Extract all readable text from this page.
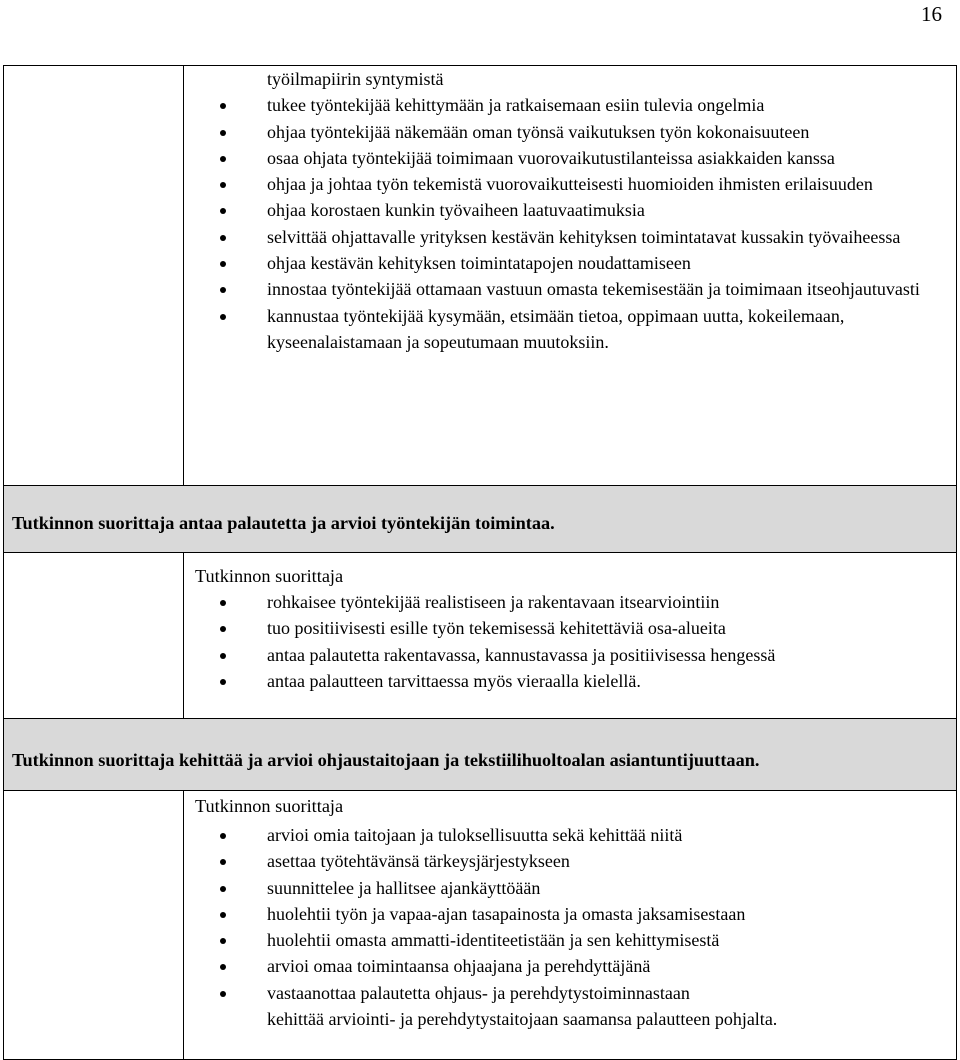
16
työilmapiirin syntymistä
tukee työntekijää kehittymään ja ratkaisemaan esiin tulevia ongelmia
ohjaa työntekijää näkemään oman työnsä vaikutuksen työn kokonaisuuteen
osaa ohjata työntekijää toimimaan vuorovaikutustilanteissa asiakkaiden kanssa
ohjaa ja johtaa työn tekemistä vuorovaikutteisesti huomioiden ihmisten erilaisuuden
ohjaa korostaen kunkin työvaiheen laatuvaatimuksia
selvittää ohjattavalle yrityksen kestävän kehityksen toimintatavat kussakin työvaiheessa
ohjaa kestävän kehityksen toimintatapojen noudattamiseen
innostaa työntekijää ottamaan vastuun omasta tekemisestään ja toimimaan itseohjautuvasti
kannustaa työntekijää kysymään, etsimään tietoa, oppimaan uutta, kokeilemaan, kyseenalaistamaan ja sopeutumaan muutoksiin.
Tutkinnon suorittaja antaa palautetta ja arvioi työntekijän toimintaa.
Tutkinnon suorittaja
rohkaisee työntekijää realistiseen ja rakentavaan itsearviointiin
tuo positiivisesti esille työn tekemisessä kehitettäviä osa-alueita
antaa palautetta rakentavassa, kannustavassa ja positiivisessa hengessä
antaa palautteen tarvittaessa myös vieraalla kielellä.
Tutkinnon suorittaja kehittää ja arvioi ohjaustaitojaan ja tekstiilihuoltoalan asiantuntijuuttaan.
Tutkinnon suorittaja
arvioi omia taitojaan ja tuloksellisuutta sekä kehittää niitä
asettaa työtehtävänsä tärkeysjärjestykseen
suunnittelee ja hallitsee ajankäyttöään
huolehtii työn ja vapaa-ajan tasapainosta ja omasta jaksamisestaan
huolehtii omasta ammatti-identiteetistään ja sen kehittymisestä
arvioi omaa toimintaansa ohjaajana ja perehdyttäjänä
vastaanottaa palautetta ohjaus- ja perehdytystoiminnastaan
kehittää arviointi- ja perehdytystaitojaan saamansa palautteen pohjalta.
